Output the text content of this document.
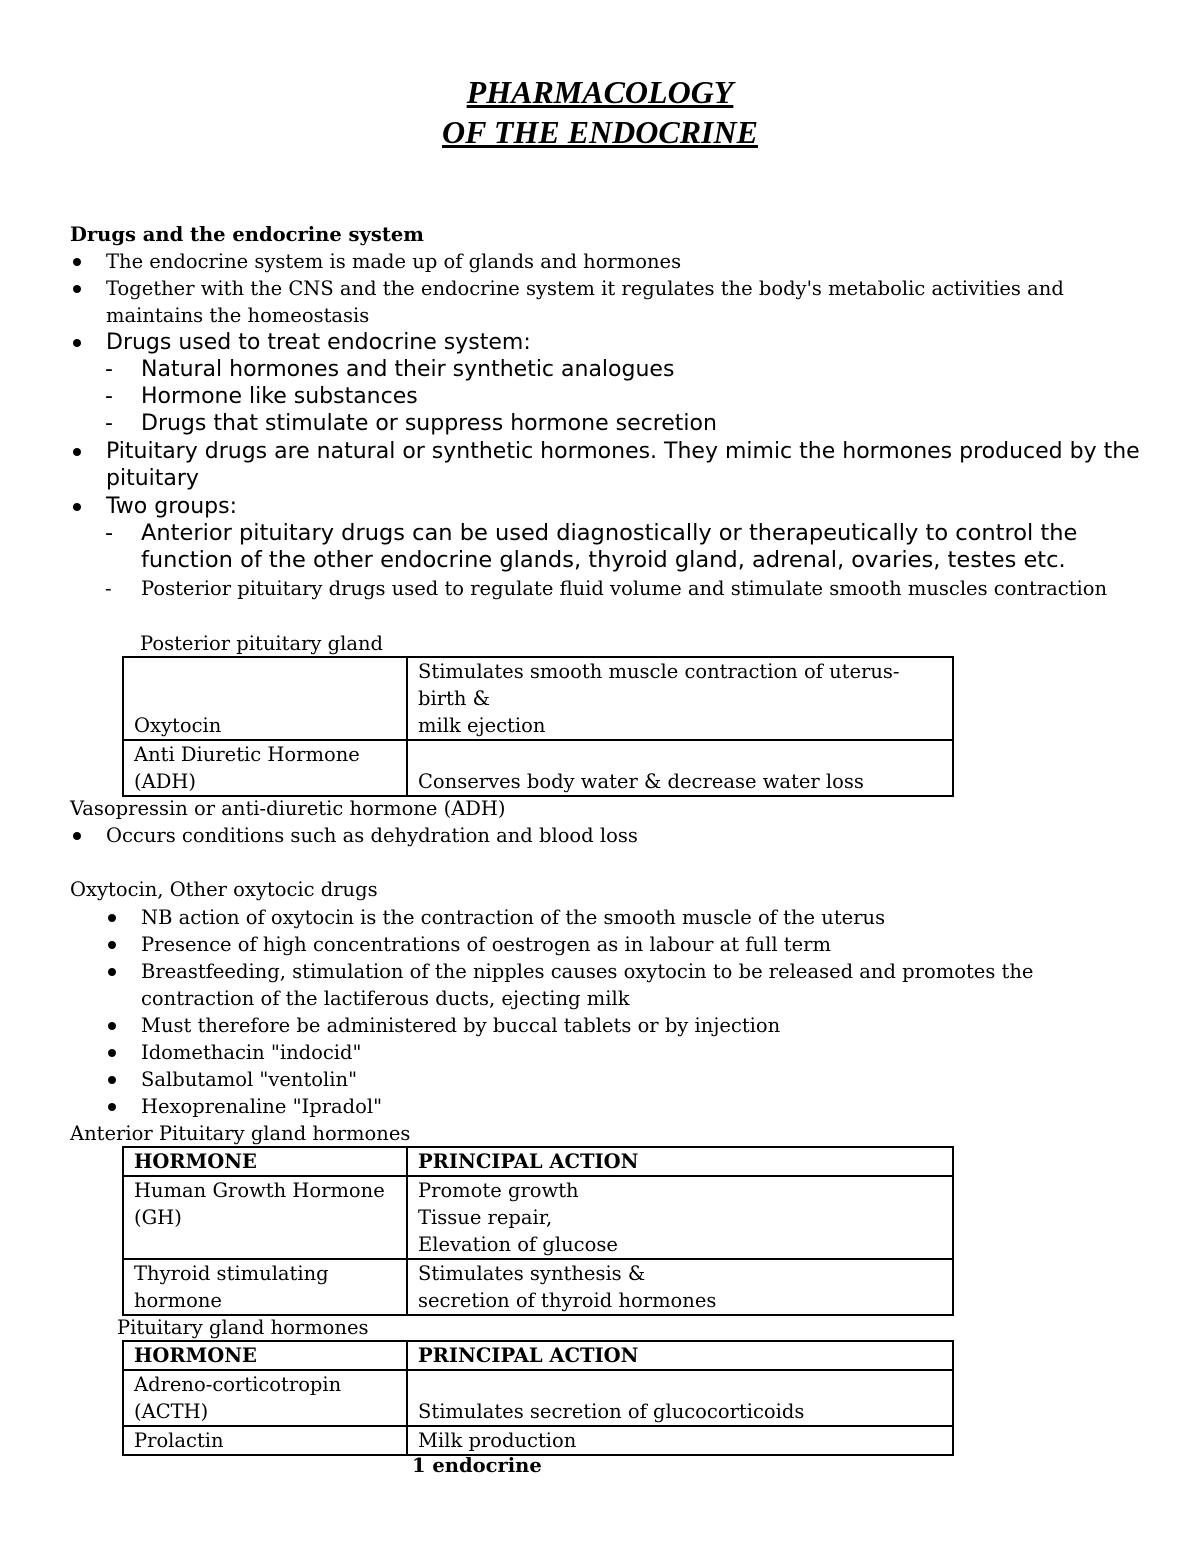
PHARMACOLOGY
OF THE ENDOCRINE
Drugs and the endocrine system
The endocrine system is made up of glands and hormones
Together with the CNS and the endocrine system it regulates the body's metabolic activities and maintains the homeostasis
Drugs used to treat endocrine system:
- Natural hormones and their synthetic analogues
- Hormone like substances
- Drugs that stimulate or suppress hormone secretion
Pituitary drugs are natural or synthetic hormones. They mimic the hormones produced by the pituitary
Two groups:
- Anterior pituitary drugs can be used diagnostically or therapeutically to control the function of the other endocrine glands, thyroid gland, adrenal, ovaries, testes etc.
- Posterior pituitary drugs used to regulate fluid volume and stimulate smooth muscles contraction
Posterior pituitary gland
Oxytocin	Stimulates smooth muscle contraction of uterus-birth &
milk ejection

Anti Diuretic Hormone
(ADH)	Conserves body water & decrease water loss
Vasopressin or anti-diuretic hormone (ADH)
Occurs conditions such as dehydration and blood loss
Oxytocin, Other oxytocic drugs
NB action of oxytocin is the contraction of the smooth muscle of the uterus
Presence of high concentrations of oestrogen as in labour at full term
Breastfeeding, stimulation of the nipples causes oxytocin to be released and promotes the contraction of the lactiferous ducts, ejecting milk
Must therefore be administered by buccal tablets or by injection
Idomethacin "indocid"
Salbutamol "ventolin"
Hexoprenaline "Ipradol"
Anterior Pituitary gland hormones
HORMONE	PRINCIPAL ACTION

Human Growth Hormone
(GH)	Promote growth
Tissue repair,
Elevation of glucose

Thyroid stimulating
hormone	Stimulates synthesis &
secretion of thyroid hormones
Pituitary gland hormones
HORMONE	PRINCIPAL ACTION

Adreno-corticotropin
(ACTH)	Stimulates secretion of glucocorticoids
Prolactin	Milk production
1 endocrine
